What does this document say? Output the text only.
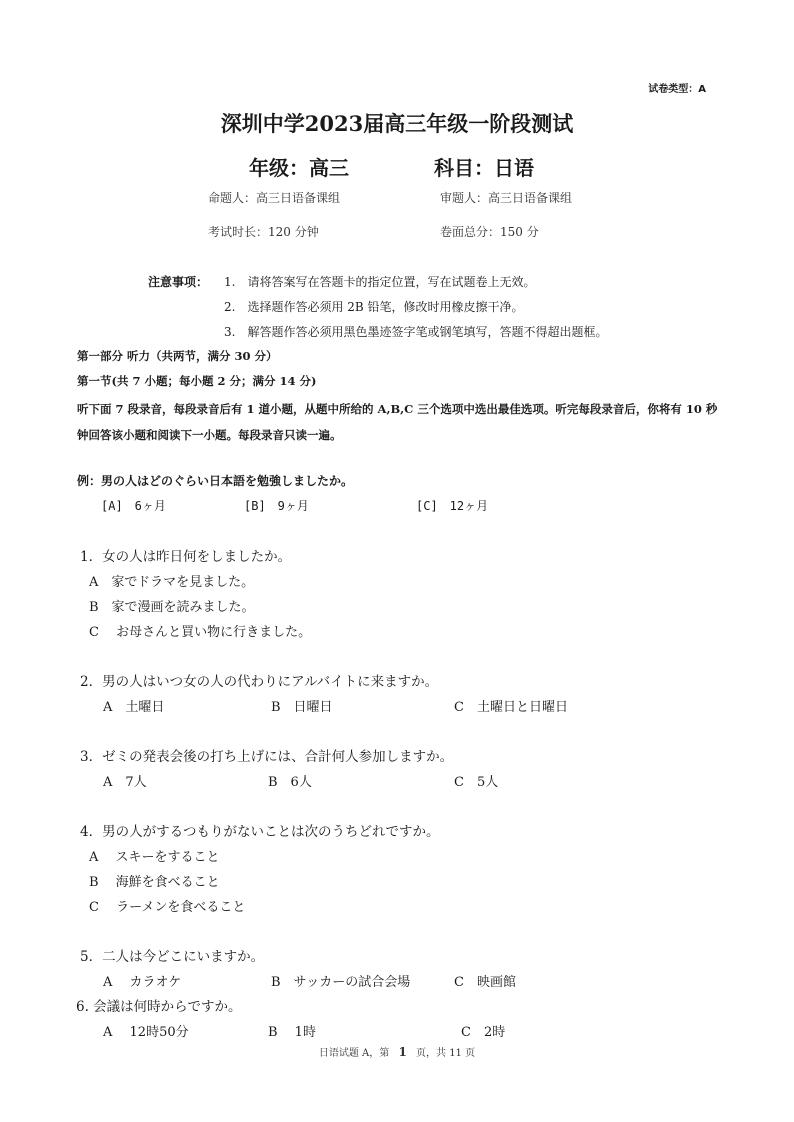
试卷类型：A
深圳中学2023届高三年级一阶段测试
年级：高三	科目：日语
命题人：高三日语备课组	审题人：高三日语备课组
考试时长：120 分钟	卷面总分：150 分
注意事项： 1.　请将答案写在答题卡的指定位置，写在试题卷上无效。
2.　选择题作答必须用 2B 铅笔，修改时用橡皮擦干净。
3.　解答题作答必须用黑色墨迹签字笔或钢笔填写，答题不得超出题框。
第一部分 听力（共两节，满分 30 分）
第一节(共 7 小题；每小题 2 分；满分 14 分)
听下面 7 段录音，每段录音后有 1 道小题，从题中所给的 A,B,C 三个选项中选出最佳选项。听完每段录音后，你将有 10 秒钟回答该小题和阅读下一小题。每段录音只读一遍。
例：男の人はどのぐらい日本語を勉強しましたか。
[A]　6ヶ月	[B]　9ヶ月	[C]　12ヶ月
1．女の人は昨日何をしましたか。
A　家でドラマを見ました。
B　家で漫画を読みました。
C　 お母さんと買い物に行きました。
2．男の人はいつ女の人の代わりにアルバイトに来ますか。
A　土曜日	B　日曜日	C　土曜日と日曜日
3．ゼミの発表会後の打ち上げには、合計何人参加しますか。
A　7人	B　6人	C　5人
4．男の人がするつもりがないことは次のうちどれですか。
A　 スキーをすること
B　 海鮮を食べること
C　 ラーメンを食べること
5．二人は今どこにいますか。
A　 カラオケ	B　サッカーの試合会場	C　映画館
6. 会議は何時からですか。
A　 12時50分	B　 1時	C　2時
日语试题 A，第 1 页，共 11 页
